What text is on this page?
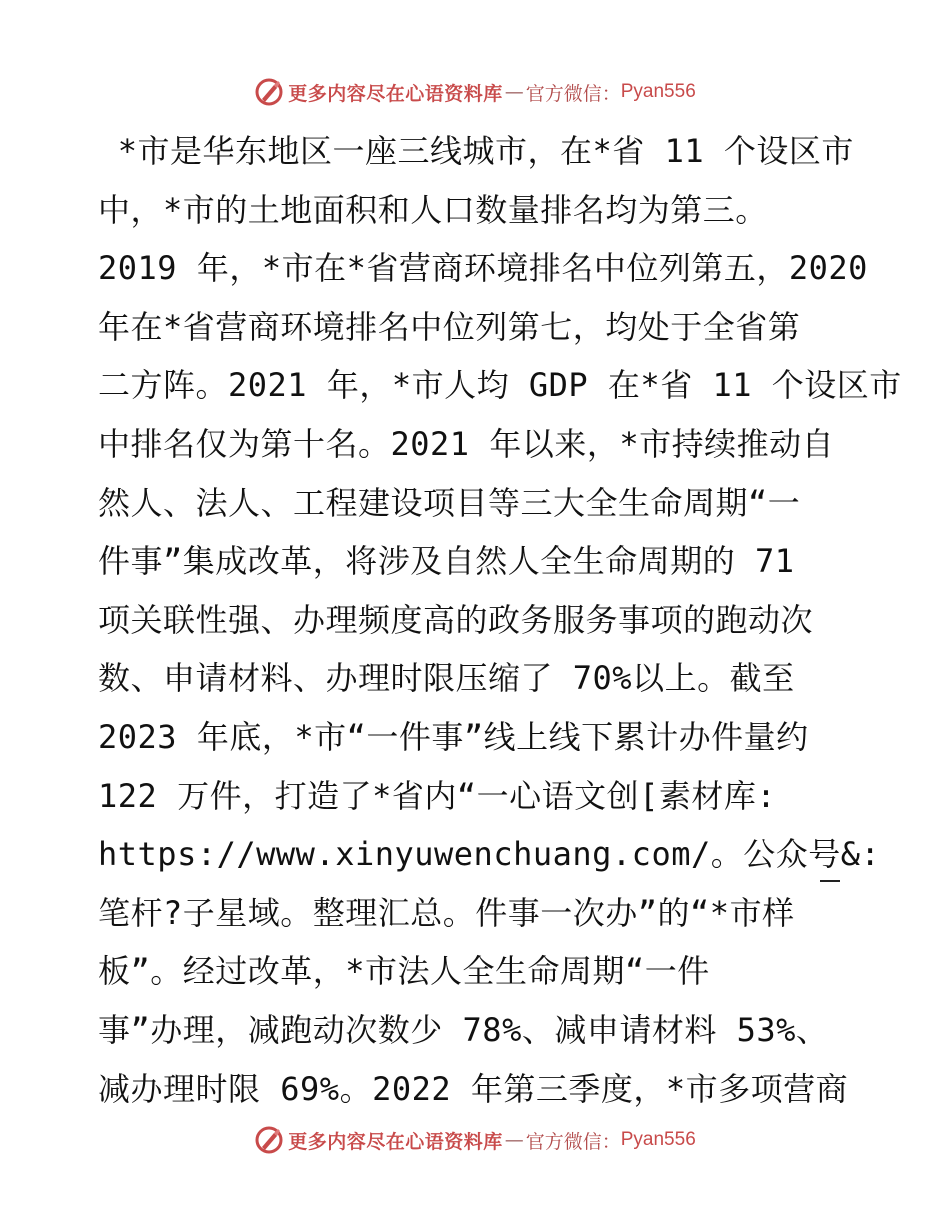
更多内容尽在心语资料库 — 官方微信： Pyan556
*市是华东地区一座三线城市，在*省 11 个设区市
中，*市的土地面积和人口数量排名均为第三。
2019 年，*市在*省营商环境排名中位列第五，2020
年在*省营商环境排名中位列第七，均处于全省第
二方阵。2021 年，*市人均 GDP 在*省 11 个设区市
中排名仅为第十名。2021 年以来，*市持续推动自
然人、法人、工程建设项目等三大全生命周期“一
件事”集成改革，将涉及自然人全生命周期的 71
项关联性强、办理频度高的政务服务事项的跑动次
数、申请材料、办理时限压缩了 70%以上。截至
2023 年底，*市“一件事”线上线下累计办件量约
122 万件，打造了*省内“一心语文创[素材库:
https://www.xinyuwenchuang.com/。公众号&:
笔杆?子星域。整理汇总。件事一次办”的“*市样
板”。经过改革，*市法人全生命周期“一件
事”办理，减跑动次数少 78%、减申请材料 53%、
减办理时限 69%。2022 年第三季度，*市多项营商
更多内容尽在心语资料库 — 官方微信： Pyan556
